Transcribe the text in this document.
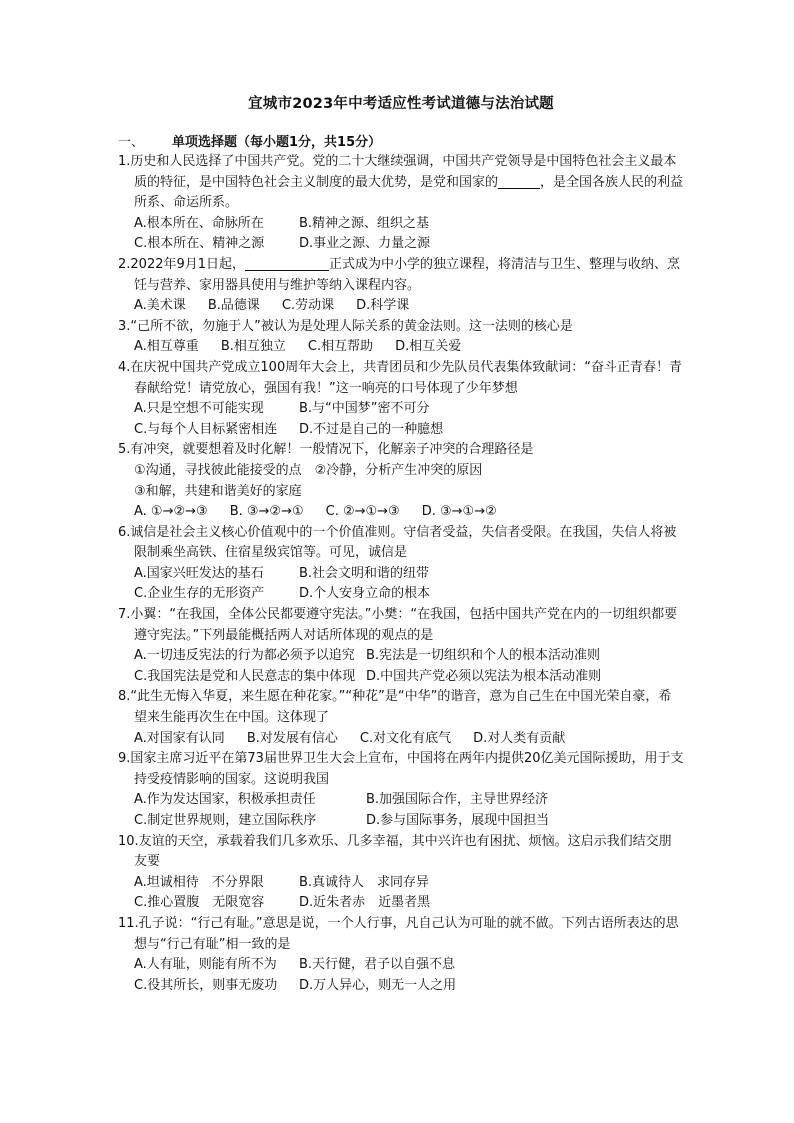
宜城市2023年中考适应性考试道德与法治试题
一、 单项选择题（每小题1分，共15分）
1.历史和人民选择了中国共产党。党的二十大继续强调，中国共产党领导是中国特色社会主义最本质的特征，是中国特色社会主义制度的最大优势，是党和国家的	，是全国各族人民的利益所系、命运所系。
A.根本所在、命脉所在	B.精神之源、组织之基
C.根本所在、精神之源	D.事业之源、力量之源
2.2022年9月1日起，	正式成为中小学的独立课程，将清洁与卫生、整理与收纳、烹饪与营养、家用器具使用与维护等纳入课程内容。
A.美术课 B.品德课 C.劳动课 D.科学课
3.“己所不欲，勿施于人”被认为是处理人际关系的黄金法则。这一法则的核心是
A.相互尊重 B.相互独立 C.相互帮助 D.相互关爱
4.在庆祝中国共产党成立100周年大会上，共青团员和少先队员代表集体致献词：“奋斗正青春！青春献给党！请党放心，强国有我！”这一响亮的口号体现了少年梦想
A.只是空想不可能实现	B.与“中国梦”密不可分
C.与每个人目标紧密相连 D.不过是自己的一种臆想
5.有冲突，就要想着及时化解！一般情况下，化解亲子冲突的合理路径是
①沟通，寻找彼此能接受的点　②冷静，分析产生冲突的原因
③和解，共建和谐美好的家庭
A. ①→②→③ B. ③→②→① C. ②→①→③ D. ③→①→②
6.诚信是社会主义核心价值观中的一个价值准则。守信者受益，失信者受限。在我国，失信人将被限制乘坐高铁、住宿星级宾馆等。可见，诚信是
A.国家兴旺发达的基石	B.社会文明和谐的纽带
C.企业生存的无形资产	D.个人安身立命的根本
7.小翼：“在我国，全体公民都要遵守宪法。”小樊：“在我国，包括中国共产党在内的一切组织都要遵守宪法。”下列最能概括两人对话所体现的观点的是
A.一切违反宪法的行为都必须予以追究 B.宪法是一切组织和个人的根本活动准则
C.我国宪法是党和人民意志的集中体现 D.中国共产党必须以宪法为根本活动准则
8.“此生无悔入华夏，来生愿在种花家。”“种花”是“中华”的谐音，意为自己生在中国光荣自豪，希望来生能再次生在中国。这体现了
A.对国家有认同 B.对发展有信心 C.对文化有底气 D.对人类有贡献
9.国家主席习近平在第73届世界卫生大会上宣布，中国将在两年内提供20亿美元国际援助，用于支持受疫情影响的国家。这说明我国
A.作为发达国家，积极承担责任	B.加强国际合作，主导世界经济
C.制定世界规则，建立国际秩序	D.参与国际事务，展现中国担当
10.友谊的天空，承载着我们几多欢乐、几多幸福，其中兴许也有困扰、烦恼。这启示我们结交朋友要
A.坦诚相待　不分界限	B.真诚待人　求同存异
C.推心置腹　无限宽容	D.近朱者赤　近墨者黑
11.孔子说：“行己有耻。”意思是说，一个人行事，凡自己认为可耻的就不做。下列古语所表达的思想与“行己有耻”相一致的是
A.人有耻，则能有所不为 B.天行健，君子以自强不息
C.役其所长，则事无废功 D.万人异心，则无一人之用
